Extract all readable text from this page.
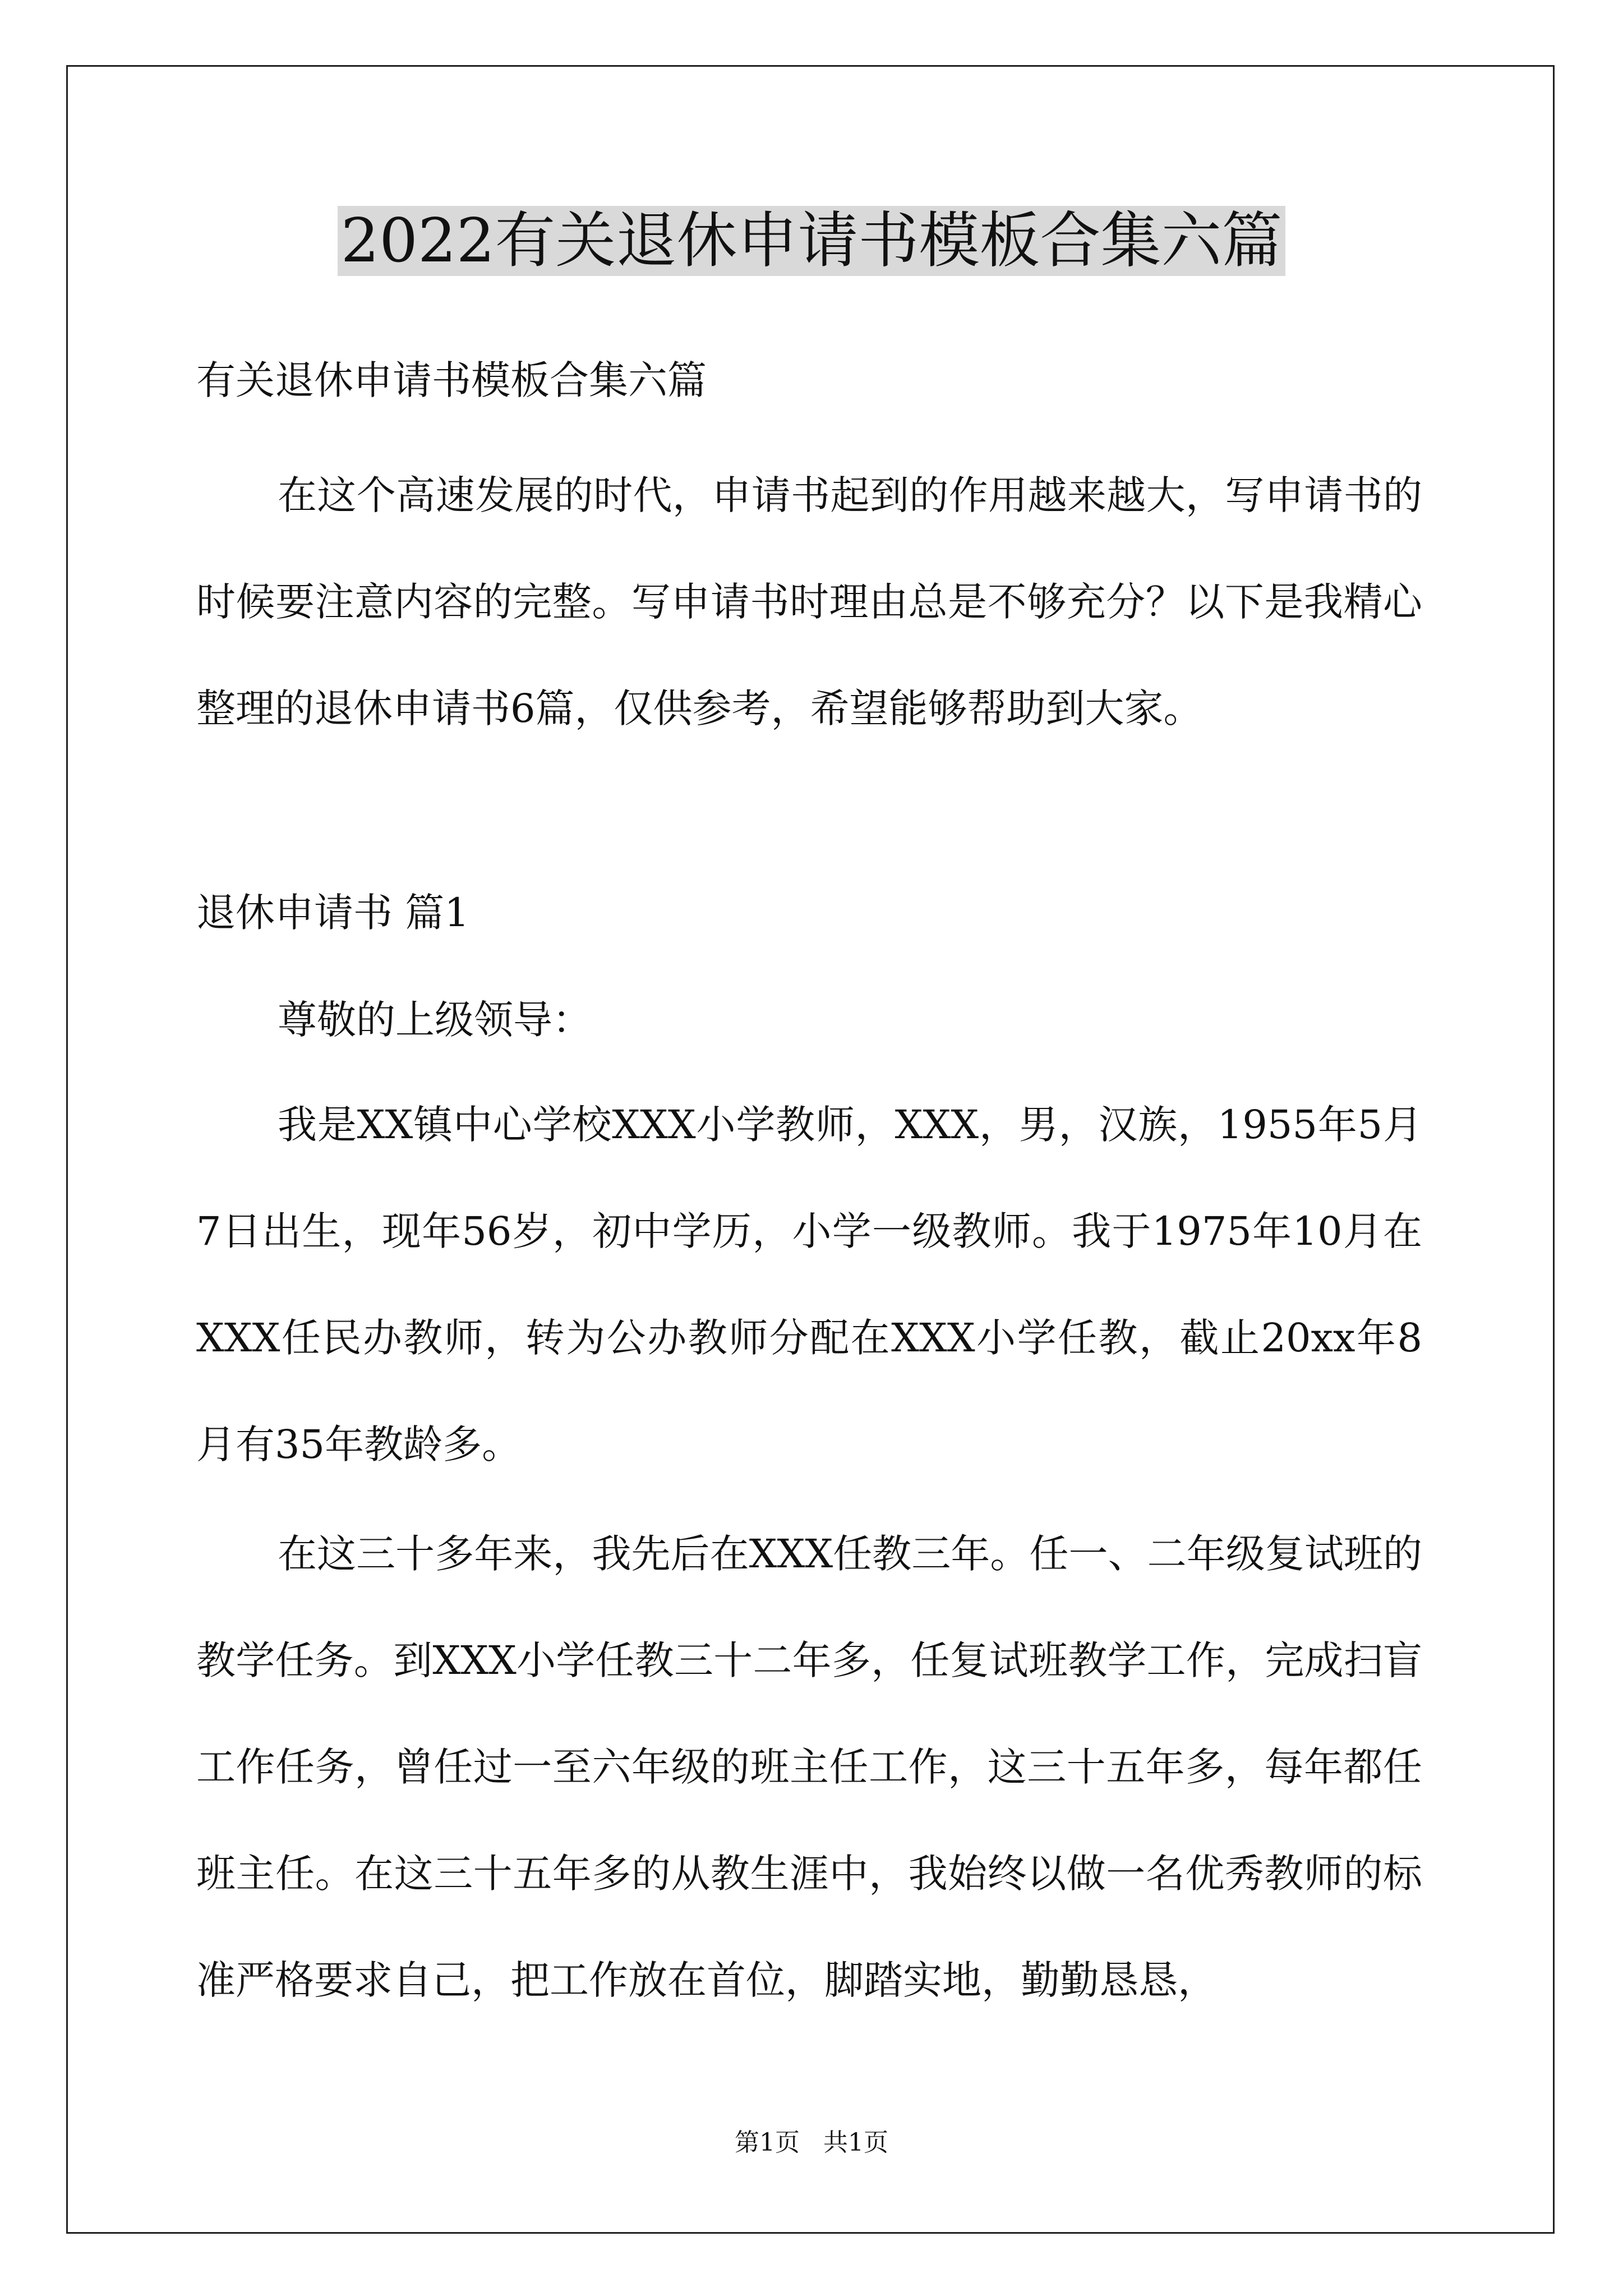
2022有关退休申请书模板合集六篇
有关退休申请书模板合集六篇

在这个高速发展的时代，申请书起到的作用越来越大，写申请书的时候要注意内容的完整。写申请书时理由总是不够充分？以下是我精心整理的退休申请书6篇，仅供参考，希望能够帮助到大家。

退休申请书 篇1
尊敬的上级领导：

我是XX镇中心学校XXX小学教师，XXX，男，汉族，1955年5月7日出生，现年56岁，初中学历，小学一级教师。我于1975年10月在XXX任民办教师，转为公办教师分配在XXX小学任教，截止20xx年8月有35年教龄多。

在这三十多年来，我先后在XXX任教三年。任一、二年级复试班的教学任务。到XXX小学任教三十二年多，任复试班教学工作，完成扫盲工作任务，曾任过一至六年级的班主任工作，这三十五年多，每年都任班主任。在这三十五年多的从教生涯中，我始终以做一名优秀教师的标准严格要求自己，把工作放在首位，脚踏实地，勤勤恳恳，

第1页   共1页
